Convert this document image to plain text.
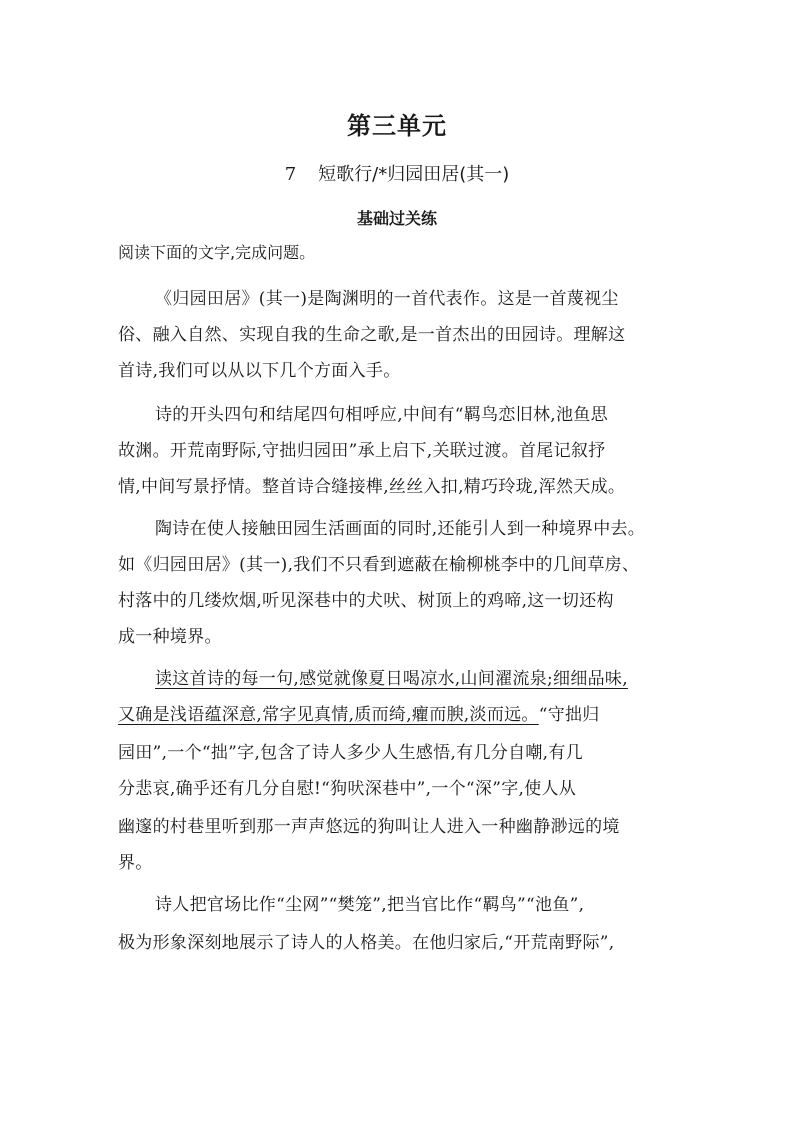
第三单元
7 短歌行/*归园田居(其一)
基础过关练
阅读下面的文字,完成问题。
《归园田居》(其一)是陶渊明的一首代表作。这是一首蔑视尘
俗、融入自然、实现自我的生命之歌,是一首杰出的田园诗。理解这
首诗,我们可以从以下几个方面入手。
诗的开头四句和结尾四句相呼应,中间有“羁鸟恋旧林,池鱼思
故渊。开荒南野际,守拙归园田”承上启下,关联过渡。首尾记叙抒
情,中间写景抒情。整首诗合缝接榫,丝丝入扣,精巧玲珑,浑然天成。
陶诗在使人接触田园生活画面的同时,还能引人到一种境界中去。
如《归园田居》(其一),我们不只看到遮蔽在榆柳桃李中的几间草房、
村落中的几缕炊烟,听见深巷中的犬吠、树顶上的鸡啼,这一切还构
成一种境界。
读这首诗的每一句,感觉就像夏日喝凉水,山间濯流泉;细细品味,
又确是浅语蕴深意,常字见真情,质而绮,癯而腴,淡而远。“守拙归
园田”,一个“拙”字,包含了诗人多少人生感悟,有几分自嘲,有几
分悲哀,确乎还有几分自慰!“狗吠深巷中”,一个“深”字,使人从
幽邃的村巷里听到那一声声悠远的狗叫让人进入一种幽静渺远的境
界。
诗人把官场比作“尘网”“樊笼”,把当官比作“羁鸟”“池鱼”,
极为形象深刻地展示了诗人的人格美。在他归家后,“开荒南野际”,
